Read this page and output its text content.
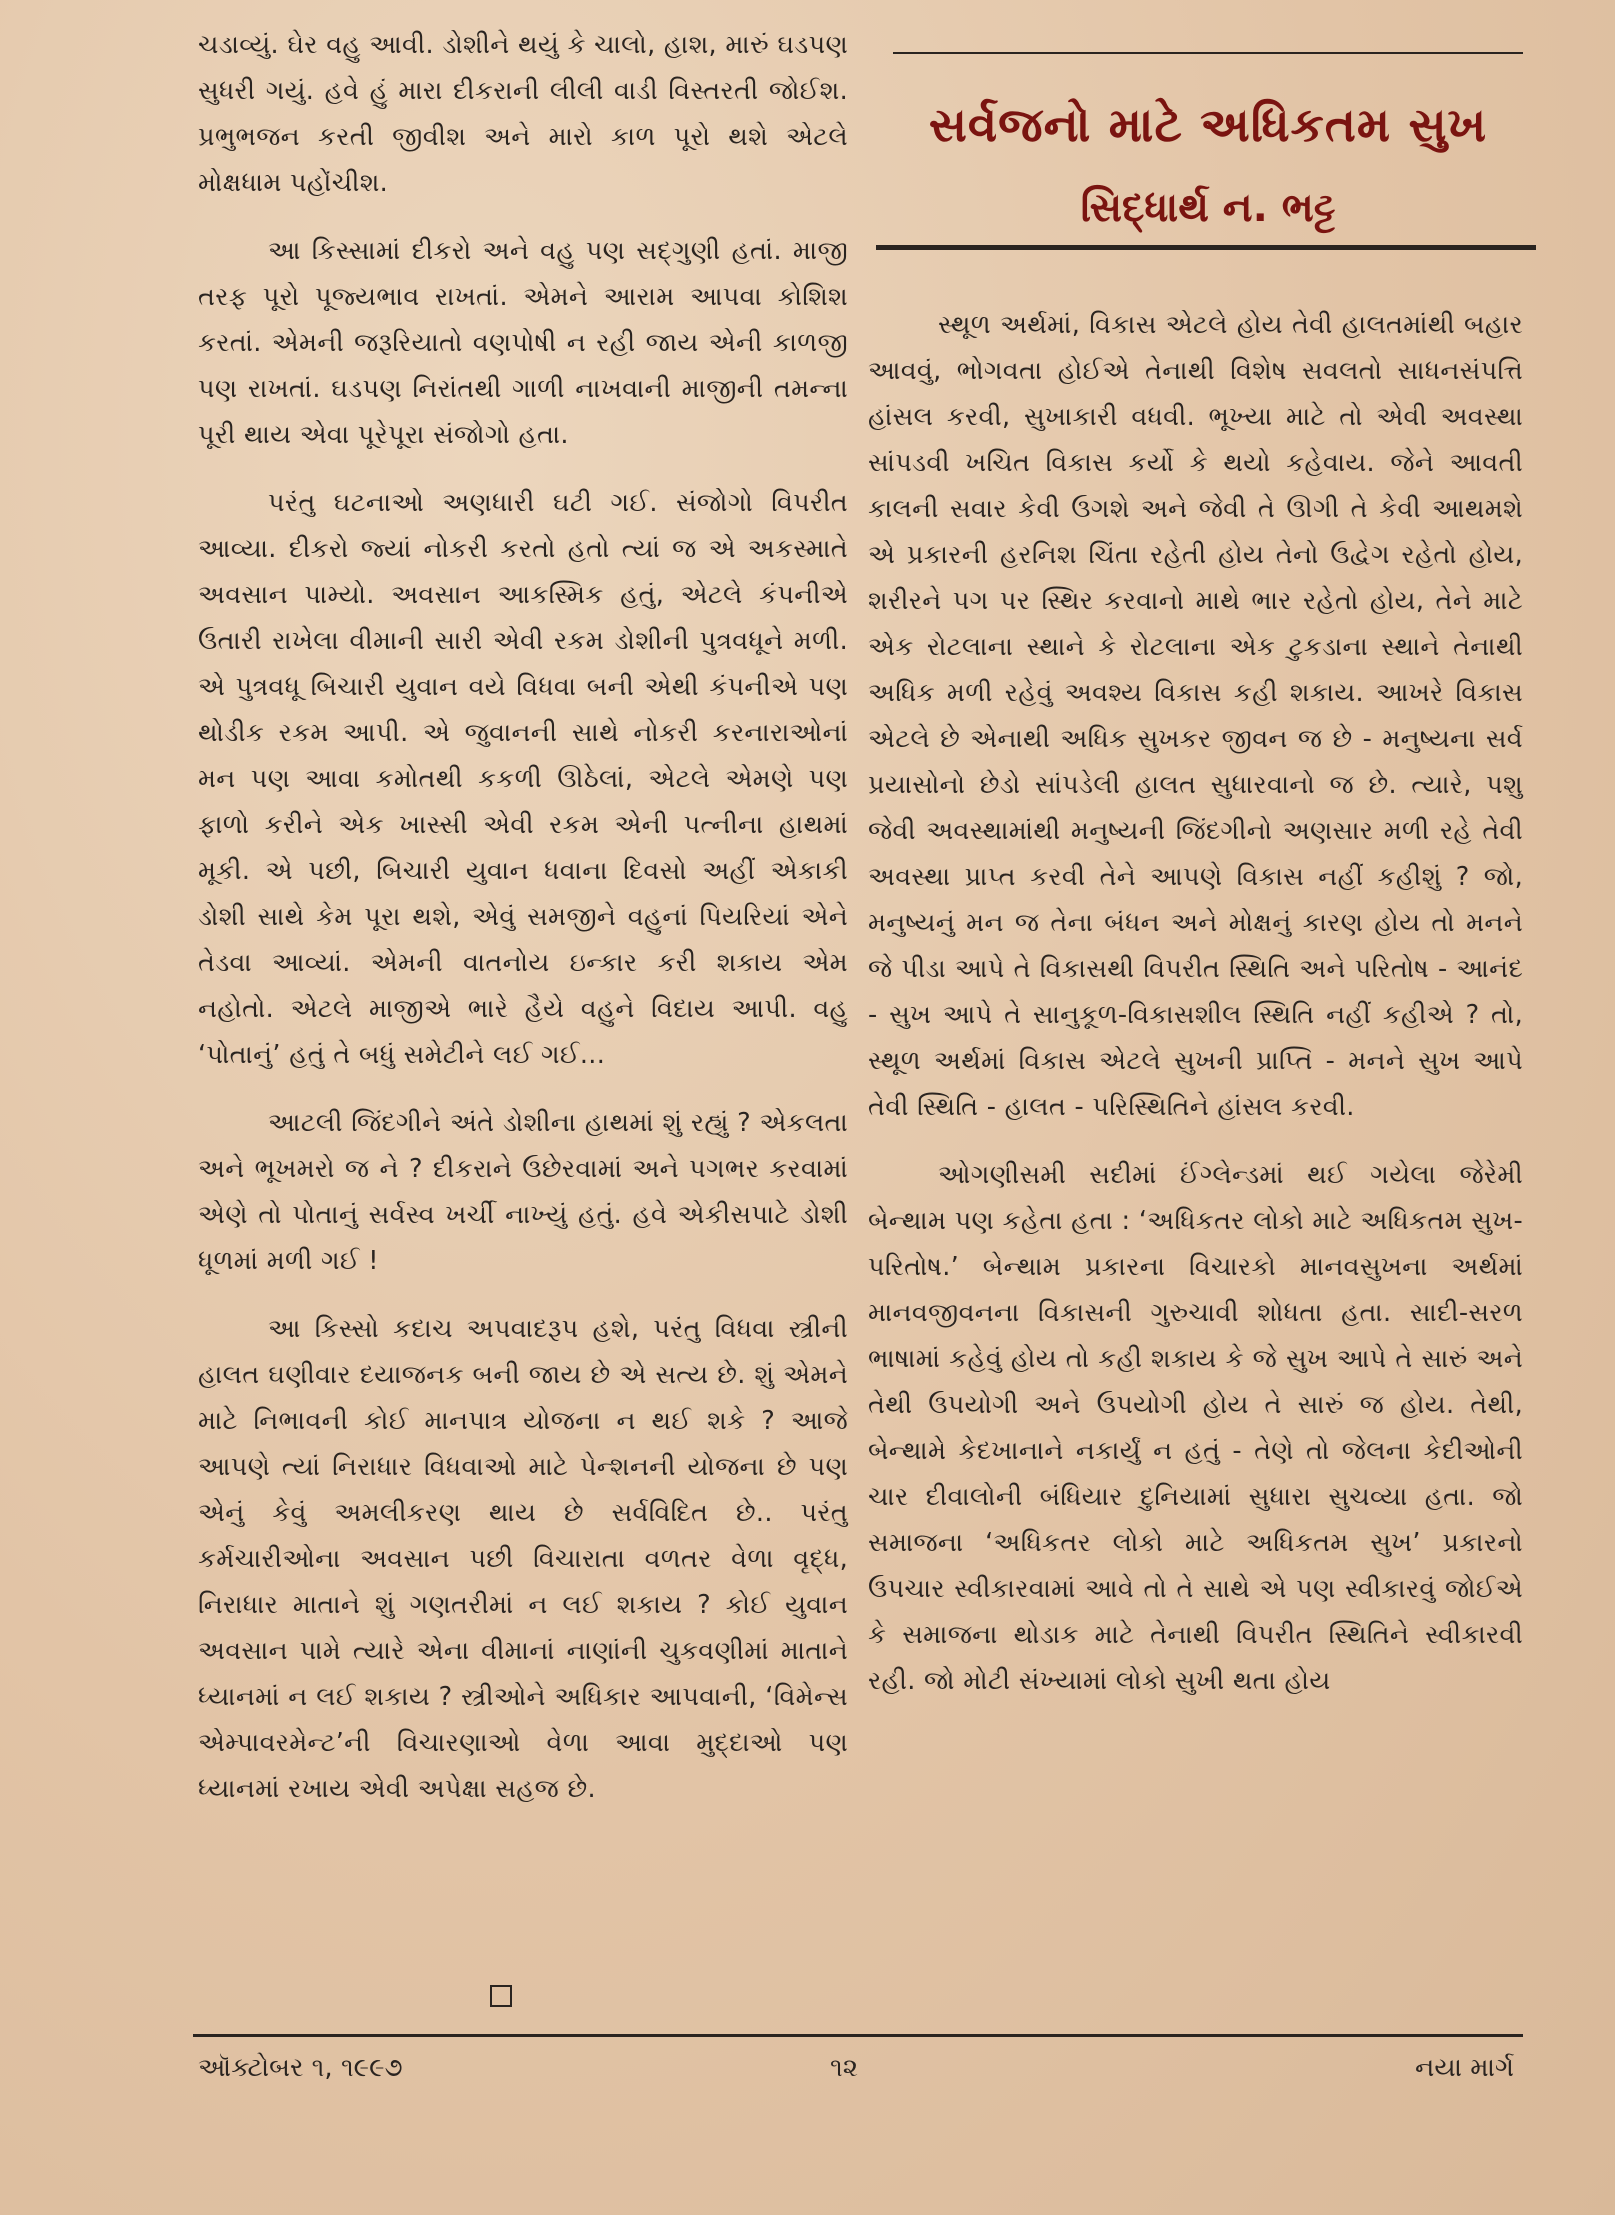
ચડાવ્યું. ઘેર વહુ આવી. ડોશીને થયું કે ચાલો, હાશ, મારું ઘડપણ સુધરી ગયું. હવે હું મારા દીકરાની લીલી વાડી વિસ્તરતી જોઈશ. પ્રભુભજન કરતી જીવીશ અને મારો કાળ પૂરો થશે એટલે મોક્ષધામ પહોંચીશ.

આ કિસ્સામાં દીકરો અને વહુ પણ સદ્‌ગુણી હતાં. માજી તરફ પૂરો પૂજ્યભાવ રાખતાં. એમને આરામ આપવા કોશિશ કરતાં. એમની જરૂરિયાતો વણપોષી ન રહી જાય એની કાળજી પણ રાખતાં. ઘડપણ નિરાંતથી ગાળી નાખવાની માજીની તમન્ના પૂરી થાય એવા પૂરેપૂરા સંજોગો હતા.

પરંતુ ઘટનાઓ અણધારી ઘટી ગઈ. સંજોગો વિપરીત આવ્યા. દીકરો જ્યાં નોકરી કરતો હતો ત્યાં જ એ અકસ્માતે અવસાન પામ્યો. અવસાન આકસ્મિક હતું, એટલે કંપનીએ ઉતારી રાખેલા વીમાની સારી એવી રકમ ડોશીની પુત્રવધૂને મળી. એ પુત્રવધૂ બિચારી યુવાન વયે વિધવા બની એથી કંપનીએ પણ થોડીક રકમ આપી. એ જુવાનની સાથે નોકરી કરનારાઓનાં મન પણ આવા કમોતથી કકળી ઊઠેલાં, એટલે એમણે પણ ફાળો કરીને એક ખાસ્સી એવી રકમ એની પત્નીના હાથમાં મૂકી. એ પછી, બિચારી યુવાન ધવાના દિવસો અહીં એકાકી ડોશી સાથે કેમ પૂરા થશે, એવું સમજીને વહુનાં પિયરિયાં એને તેડવા આવ્યાં. એમની વાતનોય ઇન્કાર કરી શકાય એમ નહોતો. એટલે માજીએ ભારે હૈયે વહુને વિદાય આપી. વહુ ‘પોતાનું’ હતું તે બધું સમેટીને લઈ ગઈ...

આટલી જિંદગીને અંતે ડોશીના હાથમાં શું રહ્યું ? એકલતા અને ભૂખમરો જ ને ? દીકરાને ઉછેરવામાં અને પગભર કરવામાં એણે તો પોતાનું સર્વસ્વ ખર્ચી નાખ્યું હતું. હવે એકીસપાટે ડોશી ધૂળમાં મળી ગઈ !

આ કિસ્સો કદાચ અપવાદરૂપ હશે, પરંતુ વિધવા સ્ત્રીની હાલત ઘણીવાર દયાજનક બની જાય છે એ સત્ય છે. શું એમને માટે નિભાવની કોઈ માનપાત્ર યોજના ન થઈ શકે ? આજે આપણે ત્યાં નિરાધાર વિધવાઓ માટે પેન્શનની યોજના છે પણ એનું કેવું અમલીકરણ થાય છે સર્વવિદિત છે.. પરંતુ કર્મચારીઓના અવસાન પછી વિચારાતા વળતર વેળા વૃદ્ધ, નિરાધાર માતાને શું ગણતરીમાં ન લઈ શકાય ? કોઈ યુવાન અવસાન પામે ત્યારે એના વીમાનાં નાણાંની ચુકવણીમાં માતાને ધ્યાનમાં ન લઈ શકાય ? સ્ત્રીઓને અધિકાર આપવાની, ‘વિમેન્સ એમ્પાવરમેન્ટ’ની વિચારણાઓ વેળા આવા મુદ્દાઓ પણ ધ્યાનમાં રખાય એવી અપેક્ષા સહજ છે.

સર્વજનો માટે અધિકતમ સુખ
સિદ્ધાર્થ ન. ભટ્ટ

સ્થૂળ અર્થમાં, વિકાસ એટલે હોય તેવી હાલતમાંથી બહાર આવવું, ભોગવતા હોઈએ તેનાથી વિશેષ સવલતો સાધનસંપત્તિ હાંસલ કરવી, સુખાકારી વધવી. ભૂખ્યા માટે તો એવી અવસ્થા સાંપડવી ખચિત વિકાસ કર્યો કે થયો કહેવાય. જેને આવતી કાલની સવાર કેવી ઉગશે અને જેવી તે ઊગી તે કેવી આથમશે એ પ્રકારની હરનિશ ચિંતા રહેતી હોય તેનો ઉદ્વેગ રહેતો હોય, શરીરને પગ પર સ્થિર કરવાનો માથે ભાર રહેતો હોય, તેને માટે એક રોટલાના સ્થાને કે રોટલાના એક ટુકડાના સ્થાને તેનાથી અધિક મળી રહેવું અવશ્ય વિકાસ કહી શકાય. આખરે વિકાસ એટલે છે એનાથી અધિક સુખકર જીવન જ છે - મનુષ્યના સર્વ પ્રયાસોનો છેડો સાંપડેલી હાલત સુધારવાનો જ છે. ત્યારે, પશુ જેવી અવસ્થામાંથી મનુષ્યની જિંદગીનો અણસાર મળી રહે તેવી અવસ્થા પ્રાપ્ત કરવી તેને આપણે વિકાસ નહીં કહીશું ? જો, મનુષ્યનું મન જ તેના બંધન અને મોક્ષનું કારણ હોય તો મનને જે પીડા આપે તે વિકાસથી વિપરીત સ્થિતિ અને પરિતોષ - આનંદ - સુખ આપે તે સાનુકૂળ-વિકાસશીલ સ્થિતિ નહીં કહીએ ? તો, સ્થૂળ અર્થમાં વિકાસ એટલે સુખની પ્રાપ્તિ - મનને સુખ આપે તેવી સ્થિતિ - હાલત - પરિસ્થિતિને હાંસલ કરવી.

ઓગણીસમી સદીમાં ઈંગ્લેન્ડમાં થઈ ગયેલા જેરેમી બેન્થામ પણ કહેતા હતા : ‘અધિકતર લોકો માટે અધિકતમ સુખ-પરિતોષ.’ બેન્થામ પ્રકારના વિચારકો માનવસુખના અર્થમાં માનવજીવનના વિકાસની ગુરુચાવી શોધતા હતા. સાદી-સરળ ભાષામાં કહેવું હોય તો કહી શકાય કે જે સુખ આપે તે સારું અને તેથી ઉપયોગી અને ઉપયોગી હોય તે સારું જ હોય. તેથી, બેન્થામે કેદખાનાને નકાર્યું ન હતું - તેણે તો જેલના કેદીઓની ચાર દીવાલોની બંધિયાર દુનિયામાં સુધારા સુચવ્યા હતા. જો સમાજના ‘અધિકતર લોકો માટે અધિકતમ સુખ’ પ્રકારનો ઉપચાર સ્વીકારવામાં આવે તો તે સાથે એ પણ સ્વીકારવું જોઈએ કે સમાજના થોડાક માટે તેનાથી વિપરીત સ્થિતિને સ્વીકારવી રહી. જો મોટી સંખ્યામાં લોકો સુખી થતા હોય

ઑક્ટોબર ૧, ૧૯૯૭	૧૨	નયા માર્ગ
